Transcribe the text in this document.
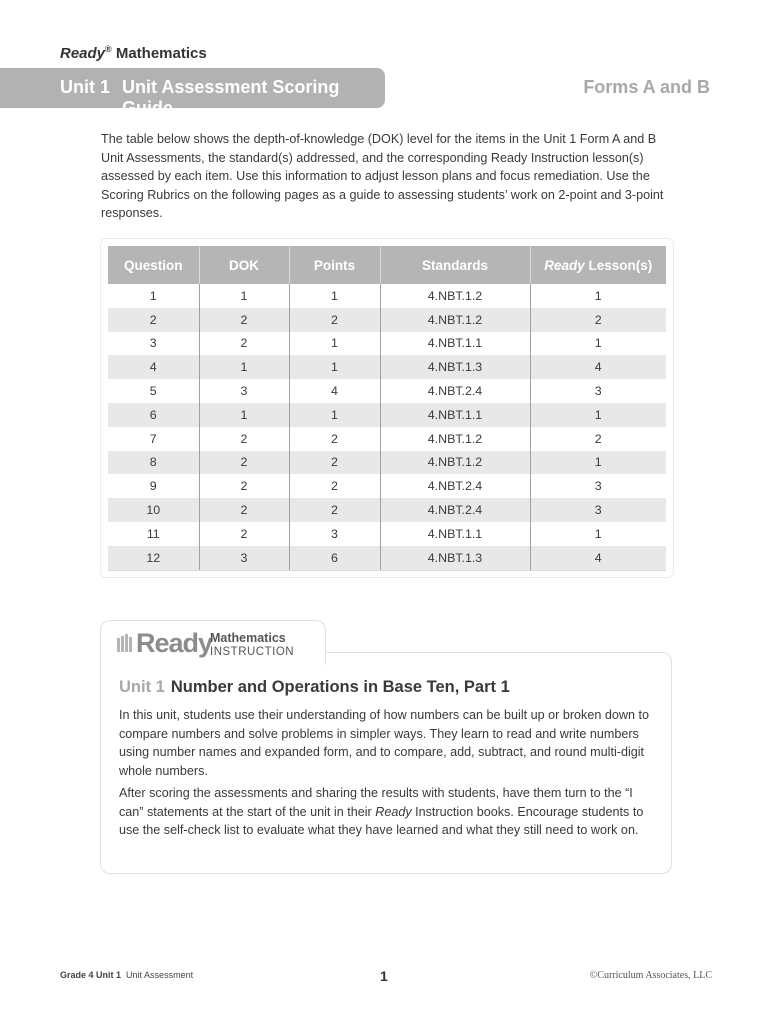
Ready® Mathematics
Unit 1 Unit Assessment Scoring Guide
Forms A and B

The table below shows the depth-of-knowledge (DOK) level for the items in the Unit 1 Form A and B Unit Assessments, the standard(s) addressed, and the corresponding Ready Instruction lesson(s) assessed by each item. Use this information to adjust lesson plans and focus remediation. Use the Scoring Rubrics on the following pages as a guide to assessing students’ work on 2-point and 3-point responses.

Question	DOK	Points	Standards	Ready Lesson(s)
1	1	1	4.NBT.1.2	1
2	2	2	4.NBT.1.2	2
3	2	1	4.NBT.1.1	1
4	1	1	4.NBT.1.3	4
5	3	4	4.NBT.2.4	3
6	1	1	4.NBT.1.1	1
7	2	2	4.NBT.1.2	2
8	2	2	4.NBT.1.2	1
9	2	2	4.NBT.2.4	3
10	2	2	4.NBT.2.4	3
11	2	3	4.NBT.1.1	1
12	3	6	4.NBT.1.3	4
Ready
Mathematics
INSTRUCTION
Unit 1 Number and Operations in Base Ten, Part 1

In this unit, students use their understanding of how numbers can be built up or broken down to compare numbers and solve problems in simpler ways. They learn to read and write numbers using number names and expanded form, and to compare, add, subtract, and round multi-digit whole numbers.

After scoring the assessments and sharing the results with students, have them turn to the “I can” statements at the start of the unit in their Ready Instruction books. Encourage students to use the self-check list to evaluate what they have learned and what they still need to work on.

Grade 4 Unit 1 Unit Assessment	1	©Curriculum Associates, LLC
